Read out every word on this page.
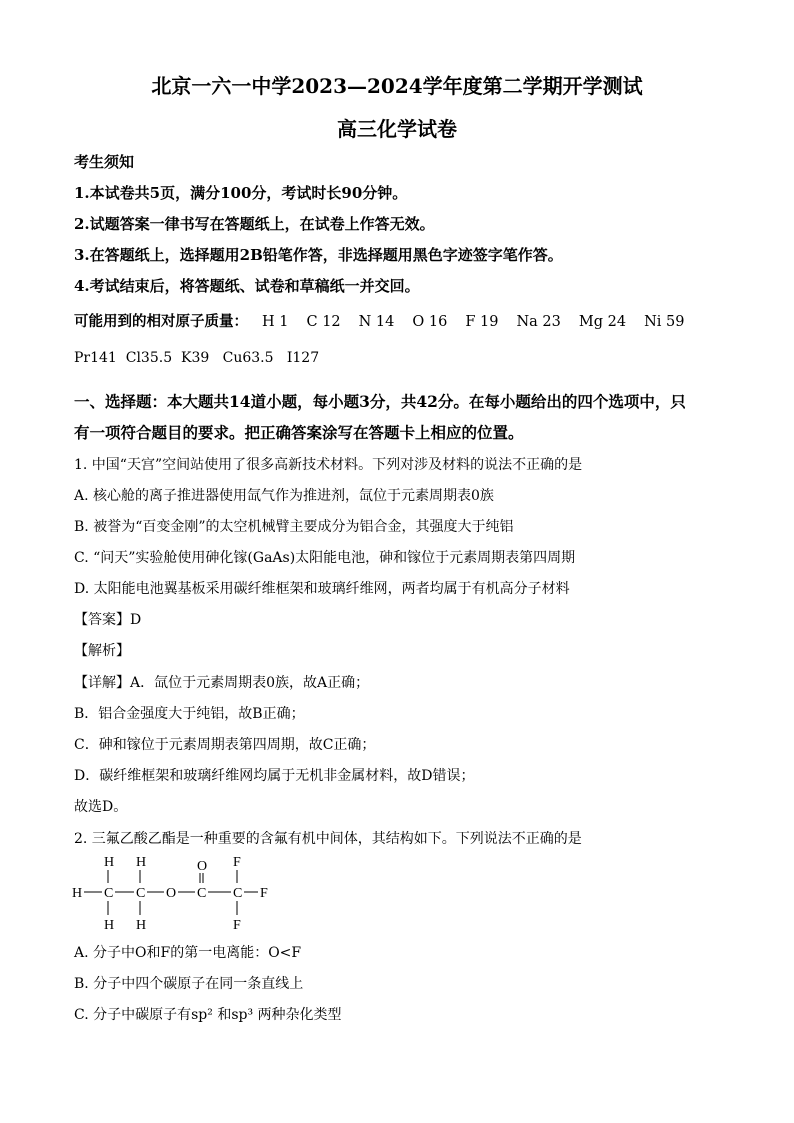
北京一六一中学2023—2024学年度第二学期开学测试
高三化学试卷
考生须知
1.本试卷共5页，满分100分，考试时长90分钟。
2.试题答案一律书写在答题纸上，在试卷上作答无效。
3.在答题纸上，选择题用2B铅笔作答，非选择题用黑色字迹签字笔作答。
4.考试结束后，将答题纸、试卷和草稿纸一并交回。
可能用到的相对原子质量： H 1 C 12 N 14 O 16 F 19 Na 23 Mg 24 Ni 59
Pr141  Cl35.5  K39   Cu63.5   I127
一、选择题：本大题共14道小题，每小题3分，共42分。在每小题给出的四个选项中，只
有一项符合题目的要求。把正确答案涂写在答题卡上相应的位置。
1. 中国“天宫”空间站使用了很多高新技术材料。下列对涉及材料的说法不正确的是
A. 核心舱的离子推进器使用氙气作为推进剂，氙位于元素周期表0族
B. 被誉为“百变金刚”的太空机械臂主要成分为铝合金，其强度大于纯铝
C. “问天”实验舱使用砷化镓(GaAs)太阳能电池，砷和镓位于元素周期表第四周期
D. 太阳能电池翼基板采用碳纤维框架和玻璃纤维网，两者均属于有机高分子材料
【答案】D
【解析】
【详解】A．氙位于元素周期表0族，故A正确；
B．铝合金强度大于纯铝，故B正确；
C．砷和镓位于元素周期表第四周期，故C正确；
D．碳纤维框架和玻璃纤维网均属于无机非金属材料，故D错误；
故选D。
2. 三氟乙酸乙酯是一种重要的含氟有机中间体，其结构如下。下列说法不正确的是
H H	O F
H C C O C C F
H H	F
A. 分子中O和F的第一电离能：O<F
B. 分子中四个碳原子在同一条直线上
C. 分子中碳原子有sp² 和sp³ 两种杂化类型
